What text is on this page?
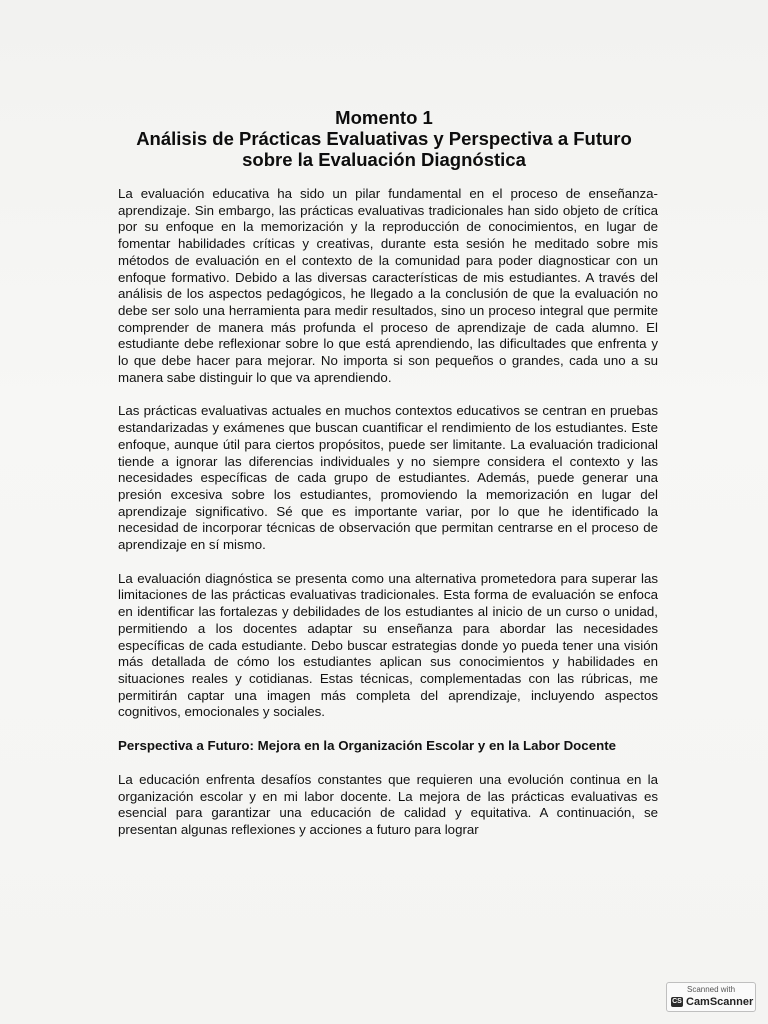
Momento 1
Análisis de Prácticas Evaluativas y Perspectiva a Futuro
sobre la Evaluación Diagnóstica

La evaluación educativa ha sido un pilar fundamental en el proceso de enseñanza-aprendizaje. Sin embargo, las prácticas evaluativas tradicionales han sido objeto de crítica por su enfoque en la memorización y la reproducción de conocimientos, en lugar de fomentar habilidades críticas y creativas, durante esta sesión he meditado sobre mis métodos de evaluación en el contexto de la comunidad para poder diagnosticar con un enfoque formativo. Debido a las diversas características de mis estudiantes. A través del análisis de los aspectos pedagógicos, he llegado a la conclusión de que la evaluación no debe ser solo una herramienta para medir resultados, sino un proceso integral que permite comprender de manera más profunda el proceso de aprendizaje de cada alumno. El estudiante debe reflexionar sobre lo que está aprendiendo, las dificultades que enfrenta y lo que debe hacer para mejorar. No importa si son pequeños o grandes, cada uno a su manera sabe distinguir lo que va aprendiendo.

Las prácticas evaluativas actuales en muchos contextos educativos se centran en pruebas estandarizadas y exámenes que buscan cuantificar el rendimiento de los estudiantes. Este enfoque, aunque útil para ciertos propósitos, puede ser limitante. La evaluación tradicional tiende a ignorar las diferencias individuales y no siempre considera el contexto y las necesidades específicas de cada grupo de estudiantes. Además, puede generar una presión excesiva sobre los estudiantes, promoviendo la memorización en lugar del aprendizaje significativo. Sé que es importante variar, por lo que he identificado la necesidad de incorporar técnicas de observación que permitan centrarse en el proceso de aprendizaje en sí mismo.

La evaluación diagnóstica se presenta como una alternativa prometedora para superar las limitaciones de las prácticas evaluativas tradicionales. Esta forma de evaluación se enfoca en identificar las fortalezas y debilidades de los estudiantes al inicio de un curso o unidad, permitiendo a los docentes adaptar su enseñanza para abordar las necesidades específicas de cada estudiante. Debo buscar estrategias donde yo pueda tener una visión más detallada de cómo los estudiantes aplican sus conocimientos y habilidades en situaciones reales y cotidianas. Estas técnicas, complementadas con las rúbricas, me permitirán captar una imagen más completa del aprendizaje, incluyendo aspectos cognitivos, emocionales y sociales.

Perspectiva a Futuro: Mejora en la Organización Escolar y en la Labor Docente

La educación enfrenta desafíos constantes que requieren una evolución continua en la organización escolar y en mi labor docente. La mejora de las prácticas evaluativas es esencial para garantizar una educación de calidad y equitativa. A continuación, se presentan algunas reflexiones y acciones a futuro para lograr

Scanned with
CS CamScanner
